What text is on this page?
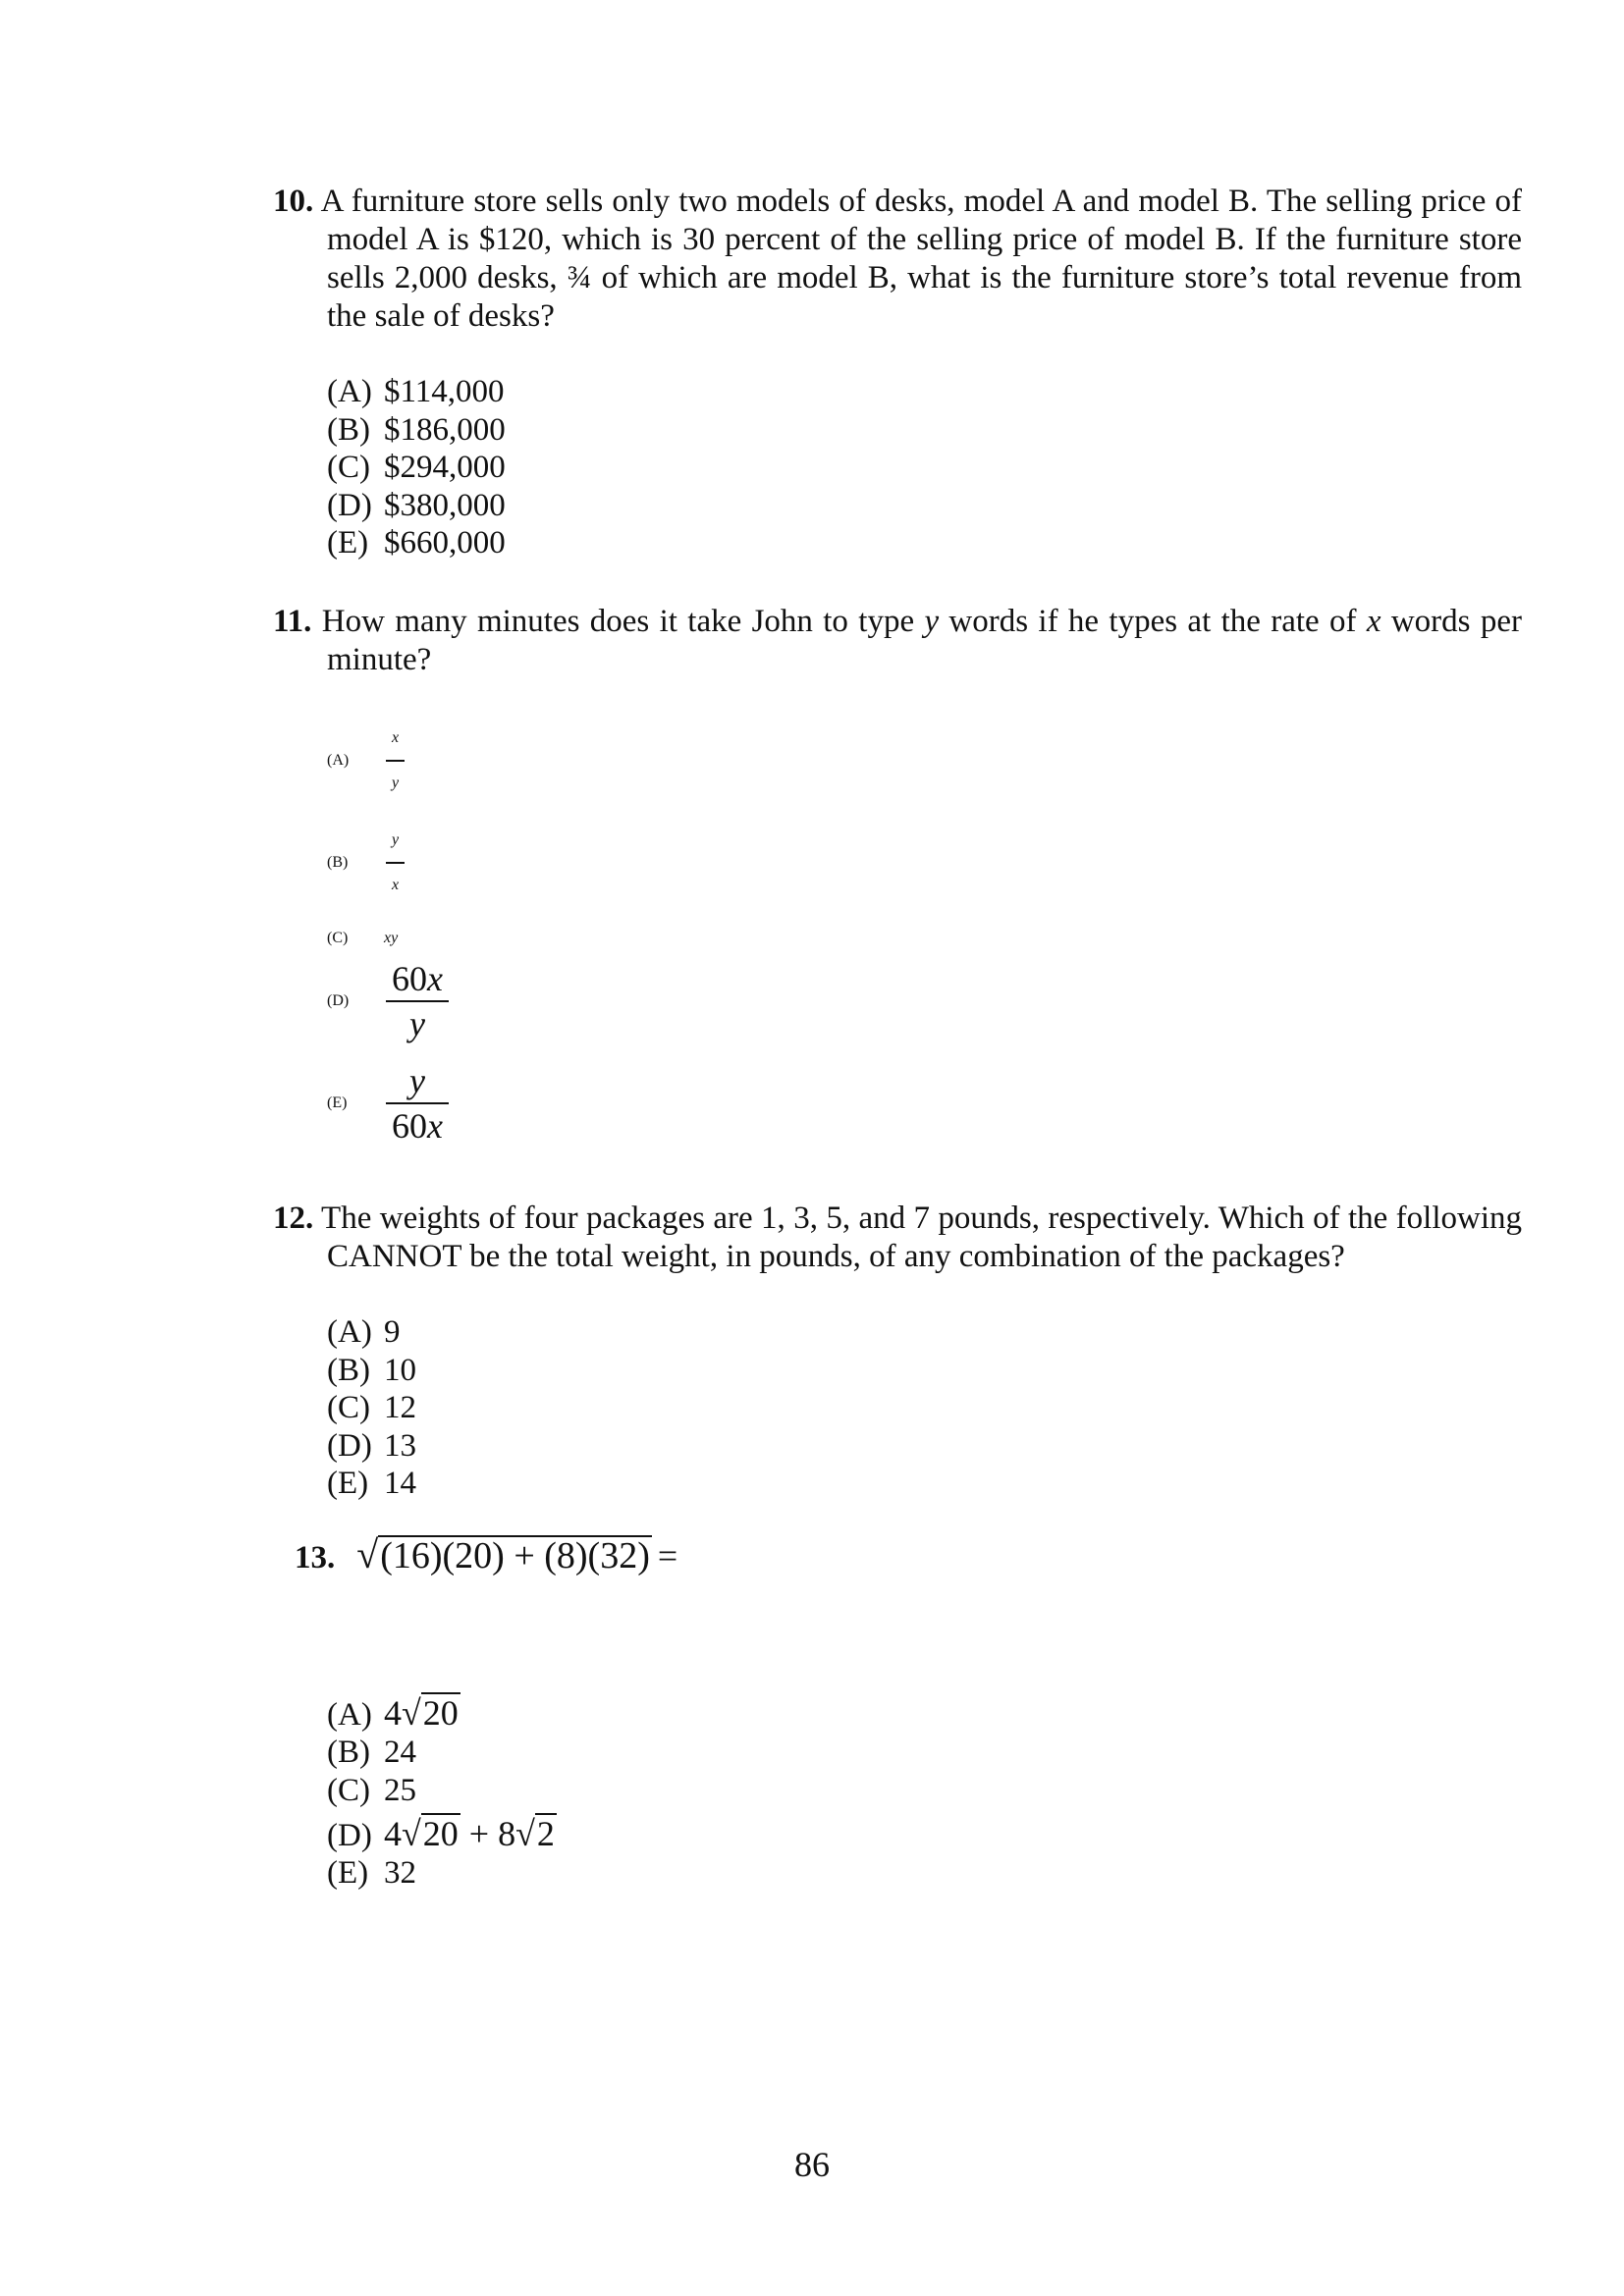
10. A furniture store sells only two models of desks, model A and model B. The selling price of model A is $120, which is 30 percent of the selling price of model B. If the furniture store sells 2,000 desks, ¾ of which are model B, what is the furniture store’s total revenue from the sale of desks?

(A) $114,000
(B) $186,000
(C) $294,000
(D) $380,000
(E) $660,000

11. How many minutes does it take John to type y words if he types at the rate of x words per minute?

$(A) \frac{x}{y}$
$(B) \frac{y}{x}$
(C) xy
$(D) \frac{60x}{y}$
$(E) \frac{y}{60x}$

12. The weights of four packages are 1, 3, 5, and 7 pounds, respectively. Which of the following CANNOT be the total weight, in pounds, of any combination of the packages?

(A) 9
(B) 10
(C) 12
(D) 13
(E) 14
13. √(16)(20) + (8)(32) =
(A) 4√20
(B) 24
(C) 25
(D) 4√20 + 8√2
(E) 32
86
